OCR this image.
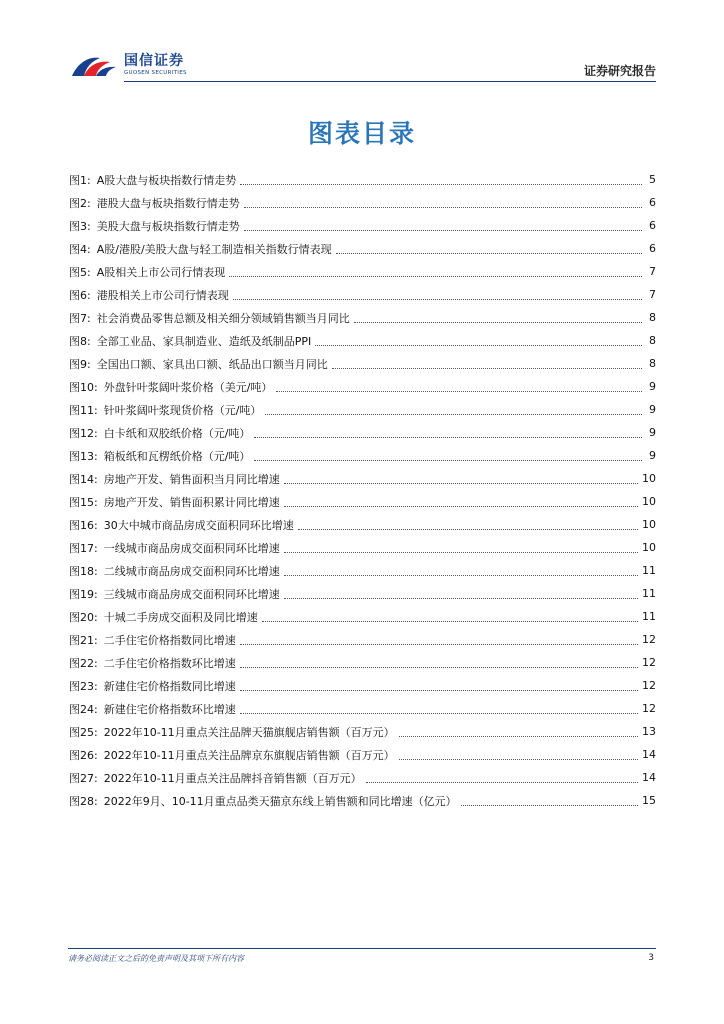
国信证券
GUOSEN SECURITIES	证券研究报告
图表目录
图1: A股大盘与板块指数行情走势	5
图2: 港股大盘与板块指数行情走势	6
图3: 美股大盘与板块指数行情走势	6
图4: A股/港股/美股大盘与轻工制造相关指数行情表现	6
图5: A股相关上市公司行情表现	7
图6: 港股相关上市公司行情表现	7
图7: 社会消费品零售总额及相关细分领域销售额当月同比	8
图8: 全部工业品、家具制造业、造纸及纸制品PPI	8
图9: 全国出口额、家具出口额、纸品出口额当月同比	8
图10: 外盘针叶浆阔叶浆价格（美元/吨）	9
图11: 针叶浆阔叶浆现货价格（元/吨）	9
图12: 白卡纸和双胶纸价格（元/吨）	9
图13: 箱板纸和瓦楞纸价格（元/吨）	9
图14: 房地产开发、销售面积当月同比增速	10
图15: 房地产开发、销售面积累计同比增速	10
图16: 30大中城市商品房成交面积同环比增速	10
图17: 一线城市商品房成交面积同环比增速	10
图18: 二线城市商品房成交面积同环比增速	11
图19: 三线城市商品房成交面积同环比增速	11
图20: 十城二手房成交面积及同比增速	11
图21: 二手住宅价格指数同比增速	12
图22: 二手住宅价格指数环比增速	12
图23: 新建住宅价格指数同比增速	12
图24: 新建住宅价格指数环比增速	12
图25: 2022年10-11月重点关注品牌天猫旗舰店销售额（百万元）	13
图26: 2022年10-11月重点关注品牌京东旗舰店销售额（百万元）	14
图27: 2022年10-11月重点关注品牌抖音销售额（百万元）	14
图28: 2022年9月、10-11月重点品类天猫京东线上销售额和同比增速（亿元）	15
请务必阅读正文之后的免责声明及其项下所有内容	3
